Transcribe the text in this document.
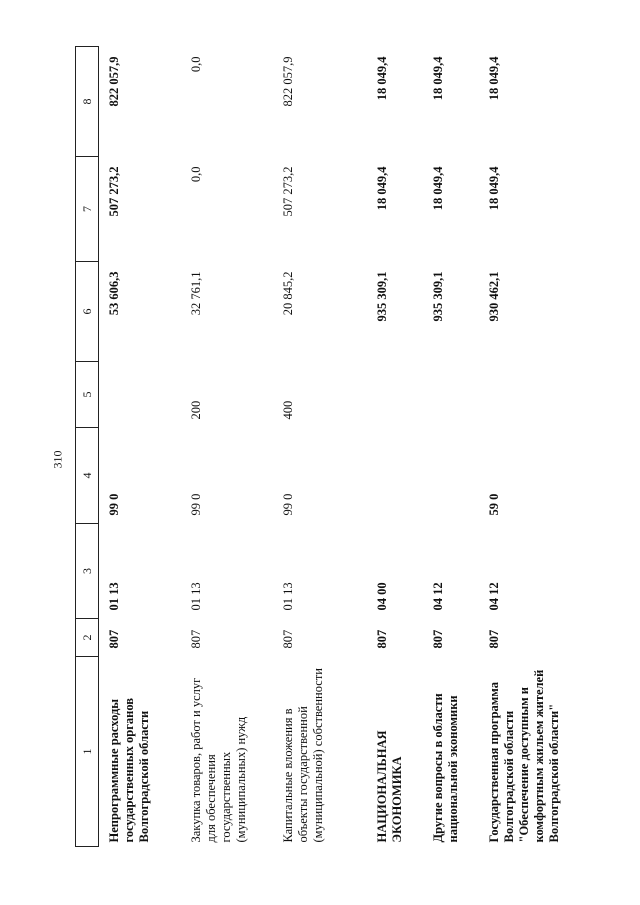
310
1	2	3	4	5	6	7	8
Непрограммные расходы государственных органов Волгоградской области	807	01 13	99 0		53 606,3	507 273,2	822 057,9
Закупка товаров, работ и услуг для обеспечения государственных (муниципальных) нужд	807	01 13	99 0	200	32 761,1	0,0	0,0
Капитальные вложения в объекты государственной (муниципальной) собственности	807	01 13	99 0	400	20 845,2	507 273,2	822 057,9
НАЦИОНАЛЬНАЯ ЭКОНОМИКА	807	04 00			935 309,1	18 049,4	18 049,4
Другие вопросы в области национальной экономики	807	04 12			935 309,1	18 049,4	18 049,4
Государственная программа Волгоградской области "Обеспечение доступным и комфортным жильем жителей Волгоградской области"	807	04 12	59 0		930 462,1	18 049,4	18 049,4
